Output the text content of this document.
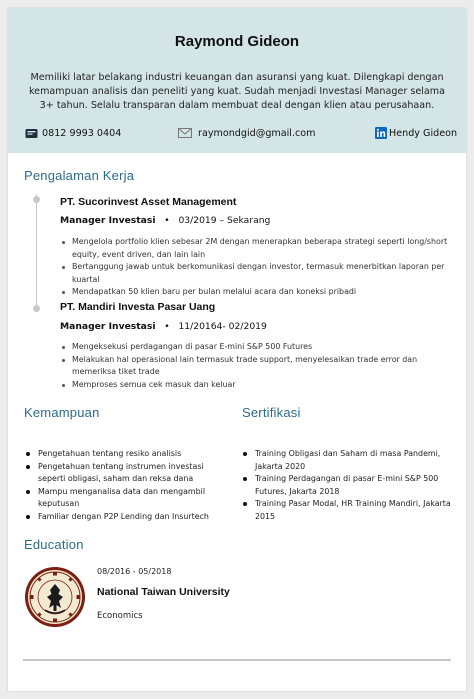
Raymond Gideon
Memiliki latar belakang industri keuangan dan asuransi yang kuat. Dilengkapi dengan kemampuan analisis dan peneliti yang kuat. Sudah menjadi Investasi Manager selama 3+ tahun. Selalu transparan dalam membuat deal dengan klien atau perusahaan.
0812 9993 0404	raymondgid@gmail.com	Hendy Gideon
Pengalaman Kerja
PT. Sucorinvest Asset Management
Manager Investasi   •   03/2019 – Sekarang
Mengelola portfolio klien sebesar 2M dengan menerapkan beberapa strategi seperti long/short equity, event driven, dan lain lain
Bertanggung jawab untuk berkomunikasi dengan investor, termasuk menerbitkan laporan per kuartal
Mendapatkan 50 klien baru per bulan melalui acara dan koneksi pribadi
PT. Mandiri Investa Pasar Uang
Manager Investasi   •   11/20164- 02/2019
Mengeksekusi perdagangan di pasar E-mini S&P 500 Futures
Melakukan hal operasional lain termasuk trade support, menyelesaikan trade error dan memeriksa tiket trade
Memproses semua cek masuk dan keluar
Kemampuan
Pengetahuan tentang resiko analisis
Pengetahuan tentang instrumen investasi seperti obligasi, saham dan reksa dana
Mampu menganalisa data dan mengambil keputusan
Familiar dengan P2P Lending dan Insurtech
Sertifikasi
Training Obligasi dan Saham di masa Pandemi, Jakarta 2020
Training Perdagangan di pasar E-mini S&P 500 Futures, Jakarta 2018
Training Pasar Modal, HR Training Mandiri, Jakarta 2015
Education
08/2016 - 05/2018
National Taiwan University
Economics
